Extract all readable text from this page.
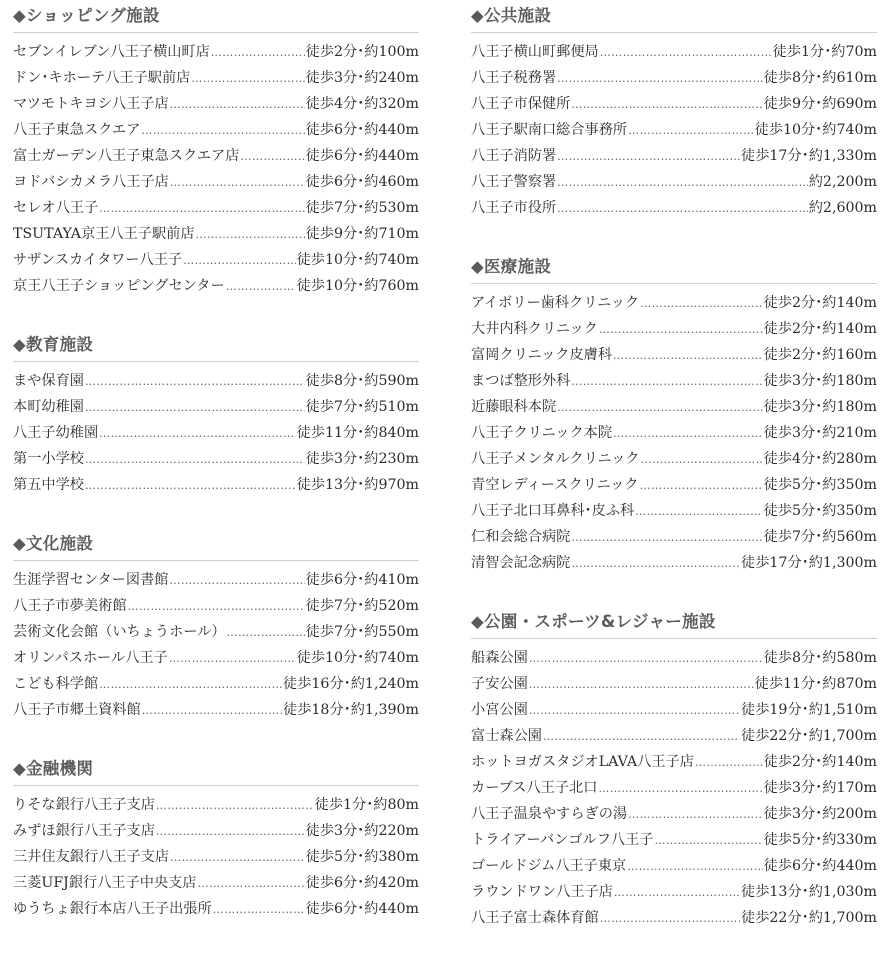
◆ショッピング施設
セブンイレブン八王子横山町店 …………………………………………………………………………………………………………	徒歩2分･約100m
ドン･キホーテ八王子駅前店 …………………………………………………………………………………………………………	徒歩3分･約240m
マツモトキヨシ八王子店 …………………………………………………………………………………………………………	徒歩4分･約320m
八王子東急スクエア …………………………………………………………………………………………………………	徒歩6分･約440m
富士ガーデン八王子東急スクエア店 …………………………………………………………………………………………………………	徒歩6分･約440m
ヨドバシカメラ八王子店 …………………………………………………………………………………………………………	徒歩6分･約460m
セレオ八王子 …………………………………………………………………………………………………………	徒歩7分･約530m
TSUTAYA京王八王子駅前店 …………………………………………………………………………………………………………	徒歩9分･約710m
サザンスカイタワー八王子 …………………………………………………………………………………………………………	徒歩10分･約740m
京王八王子ショッピングセンター …………………………………………………………………………………………………………	徒歩10分･約760m
◆教育施設
まや保育園 …………………………………………………………………………………………………………	徒歩8分･約590m
本町幼稚園 …………………………………………………………………………………………………………	徒歩7分･約510m
八王子幼稚園 …………………………………………………………………………………………………………	徒歩11分･約840m
第一小学校 …………………………………………………………………………………………………………	徒歩3分･約230m
第五中学校 …………………………………………………………………………………………………………	徒歩13分･約970m
◆文化施設
生涯学習センター図書館 …………………………………………………………………………………………………………	徒歩6分･約410m
八王子市夢美術館 …………………………………………………………………………………………………………	徒歩7分･約520m
芸術文化会館（いちょうホール） …………………………………………………………………………………………………………	徒歩7分･約550m
オリンパスホール八王子 …………………………………………………………………………………………………………	徒歩10分･約740m
こども科学館 …………………………………………………………………………………………………………	徒歩16分･約1,240m
八王子市郷土資料館 …………………………………………………………………………………………………………	徒歩18分･約1,390m
◆金融機関
りそな銀行八王子支店 …………………………………………………………………………………………………………	徒歩1分･約80m
みずほ銀行八王子支店 …………………………………………………………………………………………………………	徒歩3分･約220m
三井住友銀行八王子支店 …………………………………………………………………………………………………………	徒歩5分･約380m
三菱UFJ銀行八王子中央支店 …………………………………………………………………………………………………………	徒歩6分･約420m
ゆうちょ銀行本店八王子出張所 …………………………………………………………………………………………………………	徒歩6分･約440m
◆公共施設
八王子横山町郵便局 …………………………………………………………………………………………………………	徒歩1分･約70m
八王子税務署 …………………………………………………………………………………………………………	徒歩8分･約610m
八王子市保健所 …………………………………………………………………………………………………………	徒歩9分･約690m
八王子駅南口総合事務所 …………………………………………………………………………………………………………	徒歩10分･約740m
八王子消防署 …………………………………………………………………………………………………………	徒歩17分･約1,330m
八王子警察署 …………………………………………………………………………………………………………	約2,200m
八王子市役所 …………………………………………………………………………………………………………	約2,600m
◆医療施設
アイボリー歯科クリニック …………………………………………………………………………………………………………	徒歩2分･約140m
大井内科クリニック …………………………………………………………………………………………………………	徒歩2分･約140m
富岡クリニック皮膚科 …………………………………………………………………………………………………………	徒歩2分･約160m
まつば整形外科 …………………………………………………………………………………………………………	徒歩3分･約180m
近藤眼科本院 …………………………………………………………………………………………………………	徒歩3分･約180m
八王子クリニック本院 …………………………………………………………………………………………………………	徒歩3分･約210m
八王子メンタルクリニック …………………………………………………………………………………………………………	徒歩4分･約280m
青空レディースクリニック …………………………………………………………………………………………………………	徒歩5分･約350m
八王子北口耳鼻科･皮ふ科 …………………………………………………………………………………………………………	徒歩5分･約350m
仁和会総合病院 …………………………………………………………………………………………………………	徒歩7分･約560m
清智会記念病院 …………………………………………………………………………………………………………	徒歩17分･約1,300m
◆公園・スポーツ&レジャー施設
船森公園 …………………………………………………………………………………………………………	徒歩8分･約580m
子安公園 …………………………………………………………………………………………………………	徒歩11分･約870m
小宮公園 …………………………………………………………………………………………………………	徒歩19分･約1,510m
富士森公園 …………………………………………………………………………………………………………	徒歩22分･約1,700m
ホットヨガスタジオLAVA八王子店 …………………………………………………………………………………………………………	徒歩2分･約140m
カーブス八王子北口 …………………………………………………………………………………………………………	徒歩3分･約170m
八王子温泉やすらぎの湯 …………………………………………………………………………………………………………	徒歩3分･約200m
トライアーバンゴルフ八王子 …………………………………………………………………………………………………………	徒歩5分･約330m
ゴールドジム八王子東京 …………………………………………………………………………………………………………	徒歩6分･約440m
ラウンドワン八王子店 …………………………………………………………………………………………………………	徒歩13分･約1,030m
八王子富士森体育館 …………………………………………………………………………………………………………	徒歩22分･約1,700m
